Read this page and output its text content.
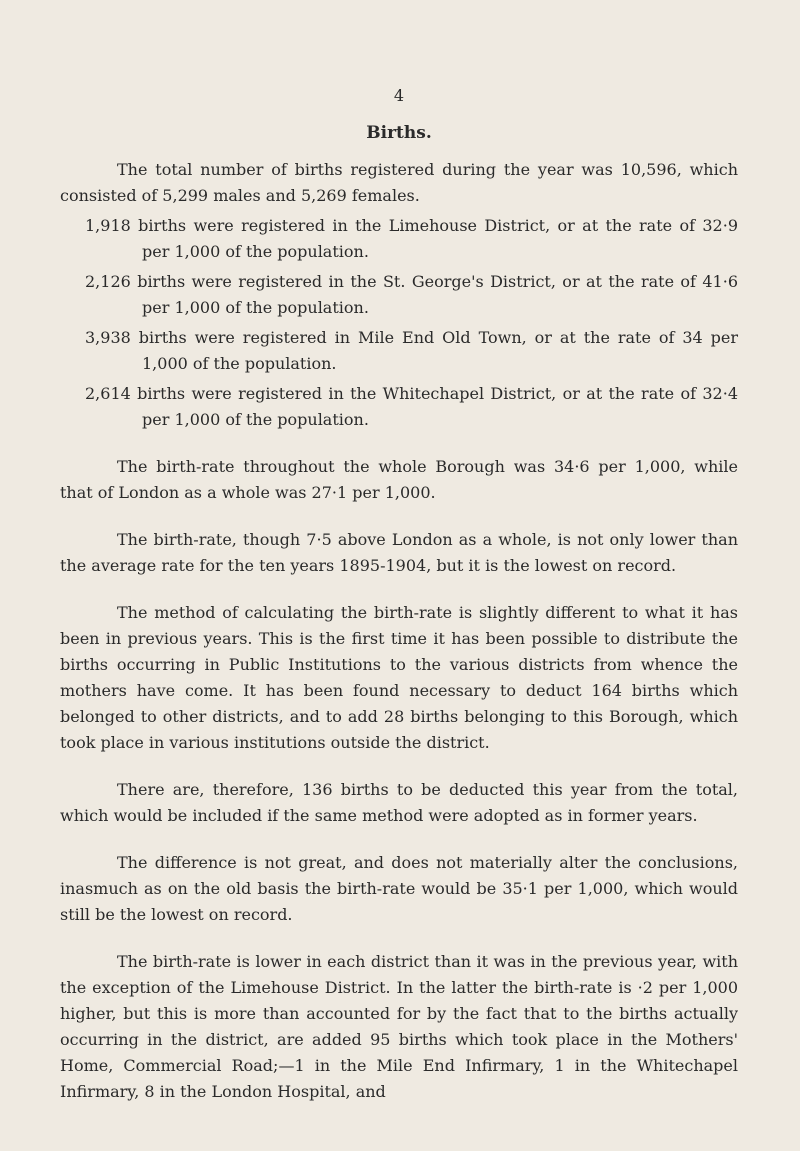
4
Births.

The total number of births registered during the year was 10,596, which consisted of 5,299 males and 5,269 females.

1,918 births were registered in the Limehouse District, or at the rate of 32·9 per 1,000 of the population.

2,126 births were registered in the St. George's District, or at the rate of 41·6 per 1,000 of the population.

3,938 births were registered in Mile End Old Town, or at the rate of 34 per 1,000 of the population.

2,614 births were registered in the Whitechapel District, or at the rate of 32·4 per 1,000 of the population.

The birth-rate throughout the whole Borough was 34·6 per 1,000, while that of London as a whole was 27·1 per 1,000.

The birth-rate, though 7·5 above London as a whole, is not only lower than the average rate for the ten years 1895-1904, but it is the lowest on record.

The method of calculating the birth-rate is slightly different to what it has been in previous years. This is the first time it has been possible to distribute the births occurring in Public Institutions to the various districts from whence the mothers have come. It has been found necessary to deduct 164 births which belonged to other districts, and to add 28 births belonging to this Borough, which took place in various institutions outside the district.

There are, therefore, 136 births to be deducted this year from the total, which would be included if the same method were adopted as in former years.

The difference is not great, and does not materially alter the conclusions, inasmuch as on the old basis the birth-rate would be 35·1 per 1,000, which would still be the lowest on record.

The birth-rate is lower in each district than it was in the previous year, with the exception of the Limehouse District. In the latter the birth-rate is ·2 per 1,000 higher, but this is more than accounted for by the fact that to the births actually occurring in the district, are added 95 births which took place in the Mothers' Home, Commercial Road;—1 in the Mile End Infirmary, 1 in the Whitechapel Infirmary, 8 in the London Hospital, and
